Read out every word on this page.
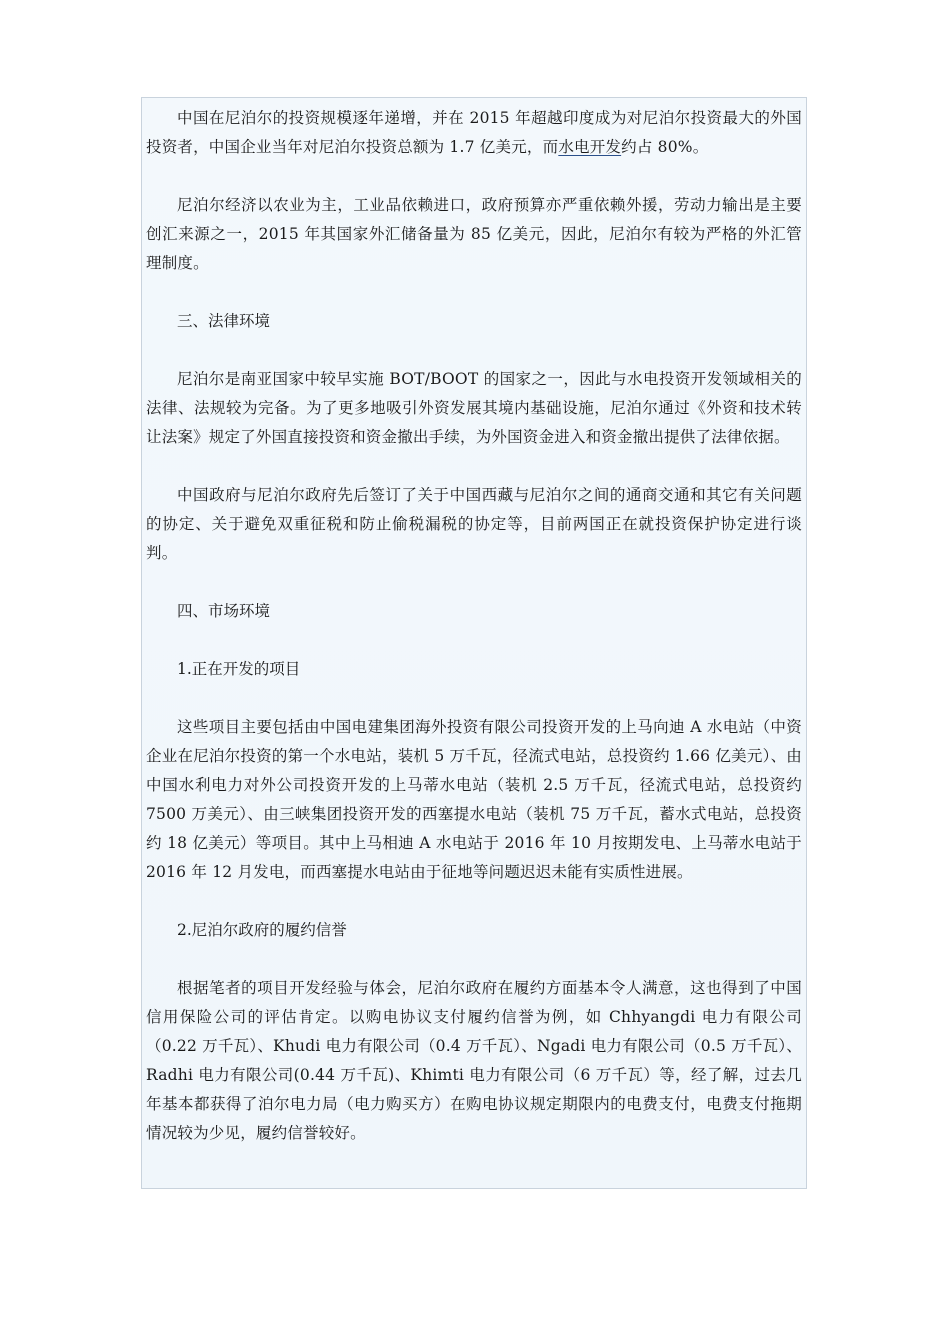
中国在尼泊尔的投资规模逐年递增，并在 2015 年超越印度成为对尼泊尔投资最大的外国投资者，中国企业当年对尼泊尔投资总额为 1.7 亿美元，而水电开发约占 80%。

尼泊尔经济以农业为主，工业品依赖进口，政府预算亦严重依赖外援，劳动力输出是主要创汇来源之一，2015 年其国家外汇储备量为 85 亿美元，因此，尼泊尔有较为严格的外汇管理制度。

三、法律环境

尼泊尔是南亚国家中较早实施 BOT/BOOT 的国家之一，因此与水电投资开发领域相关的法律、法规较为完备。为了更多地吸引外资发展其境内基础设施，尼泊尔通过《外资和技术转让法案》规定了外国直接投资和资金撤出手续，为外国资金进入和资金撤出提供了法律依据。

中国政府与尼泊尔政府先后签订了关于中国西藏与尼泊尔之间的通商交通和其它有关问题的协定、关于避免双重征税和防止偷税漏税的协定等，目前两国正在就投资保护协定进行谈判。

四、市场环境

1.正在开发的项目

这些项目主要包括由中国电建集团海外投资有限公司投资开发的上马向迪 A 水电站（中资企业在尼泊尔投资的第一个水电站，装机 5 万千瓦，径流式电站，总投资约 1.66 亿美元）、由中国水利电力对外公司投资开发的上马蒂水电站（装机 2.5 万千瓦，径流式电站，总投资约 7500 万美元）、由三峡集团投资开发的西塞提水电站（装机 75 万千瓦，蓄水式电站，总投资约 18 亿美元）等项目。其中上马相迪 A 水电站于 2016 年 10 月按期发电、上马蒂水电站于 2016 年 12 月发电，而西塞提水电站由于征地等问题迟迟未能有实质性进展。

2.尼泊尔政府的履约信誉

根据笔者的项目开发经验与体会，尼泊尔政府在履约方面基本令人满意，这也得到了中国信用保险公司的评估肯定。以购电协议支付履约信誉为例，如 Chhyangdi 电力有限公司（0.22 万千瓦）、Khudi 电力有限公司（0.4 万千瓦）、Ngadi 电力有限公司（0.5 万千瓦）、Radhi 电力有限公司(0.44 万千瓦)、Khimti 电力有限公司（6 万千瓦）等，经了解，过去几年基本都获得了泊尔电力局（电力购买方）在购电协议规定期限内的电费支付，电费支付拖期情况较为少见，履约信誉较好。
